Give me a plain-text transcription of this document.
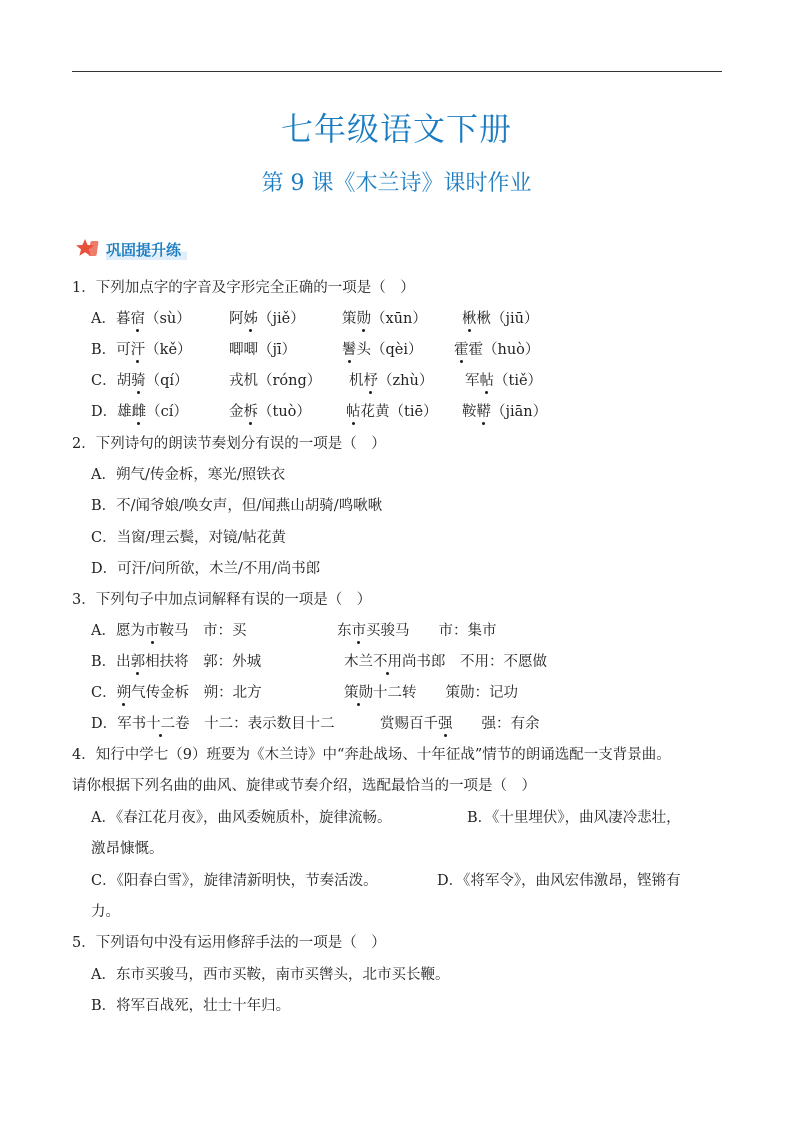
七年级语文下册
第 9 课《木兰诗》课时作业
巩固提升练
1．下列加点字的字音及字形完全正确的一项是（　）
A．暮宿（sù）	阿姊（jiě）	策勋（xūn） 楸楸（jiū）
B．可汗（kě）	唧唧（jī）	鬐头（qèi） 霍霍（huò）
C．胡骑（qí）	戎机（róng） 机杼（zhù） 军帖（tiě）
D．雄雌（cí）	金柝（tuò） 帖花黄（tiē） 鞍鞯（jiān）
2．下列诗句的朗读节奏划分有误的一项是（　）
A．朔气/传金柝，寒光/照铁衣
B．不/闻爷娘/唤女声，但/闻燕山胡骑/鸣啾啾
C．当窗/理云鬓，对镜/帖花黄
D．可汗/问所欲，木兰/不用/尚书郎
3．下列句子中加点词解释有误的一项是（　）
A．愿为市鞍马　市：买	东市买骏马　　市：集市
B．出郭相扶将　郭：外城	木兰不用尚书郎　不用：不愿做
C．朔气传金柝　朔：北方	策勋十二转　　策勋：记功
D．军书十二卷　十二：表示数目十二	赏赐百千强　　强：有余
4．知行中学七（9）班要为《木兰诗》中“奔赴战场、十年征战”情节的朗诵选配一支背景曲。
请你根据下列名曲的曲风、旋律或节奏介绍，选配最恰当的一项是（　）
A．《春江花月夜》，曲风委婉质朴，旋律流畅。	B．《十里埋伏》，曲风凄冷悲壮，
激昂慷慨。
C．《阳春白雪》，旋律清新明快，节奏活泼。	D．《将军令》，曲风宏伟激昂，铿锵有
力。
5．下列语句中没有运用修辞手法的一项是（　）
A．东市买骏马，西市买鞍，南市买辔头，北市买长鞭。
B．将军百战死，壮士十年归。
